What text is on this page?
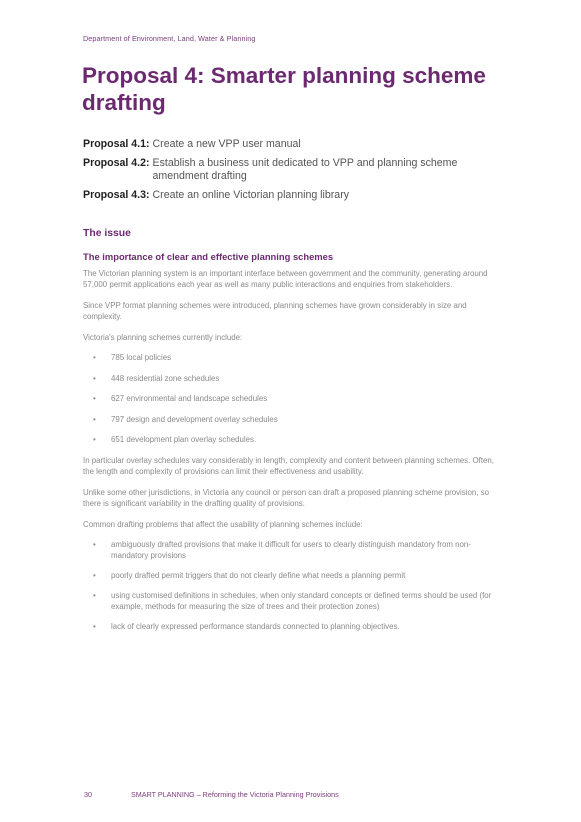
Department of Environment, Land, Water & Planning
Proposal 4: Smarter planning scheme drafting
Proposal 4.1: Create a new VPP user manual
Proposal 4.2: Establish a business unit dedicated to VPP and planning scheme amendment drafting
Proposal 4.3: Create an online Victorian planning library
The issue
The importance of clear and effective planning schemes

The Victorian planning system is an important interface between government and the community, generating around 57,000 permit applications each year as well as many public interactions and enquiries from stakeholders.

Since VPP format planning schemes were introduced, planning schemes have grown considerably in size and complexity.

Victoria's planning schemes currently include:

• 785 local policies
• 448 residential zone schedules
• 627 environmental and landscape schedules
• 797 design and development overlay schedules
• 651 development plan overlay schedules.

In particular overlay schedules vary considerably in length, complexity and content between planning schemes. Often, the length and complexity of provisions can limit their effectiveness and usability.

Unlike some other jurisdictions, in Victoria any council or person can draft a proposed planning scheme provision, so there is significant variability in the drafting quality of provisions.

Common drafting problems that affect the usability of planning schemes include:

• ambiguously drafted provisions that make it difficult for users to clearly distinguish mandatory from non-mandatory provisions
• poorly drafted permit triggers that do not clearly define what needs a planning permit
• using customised definitions in schedules, when only standard concepts or defined terms should be used (for example, methods for measuring the size of trees and their protection zones)
• lack of clearly expressed performance standards connected to planning objectives.
30	SMART PLANNING – Reforming the Victoria Planning Provisions
